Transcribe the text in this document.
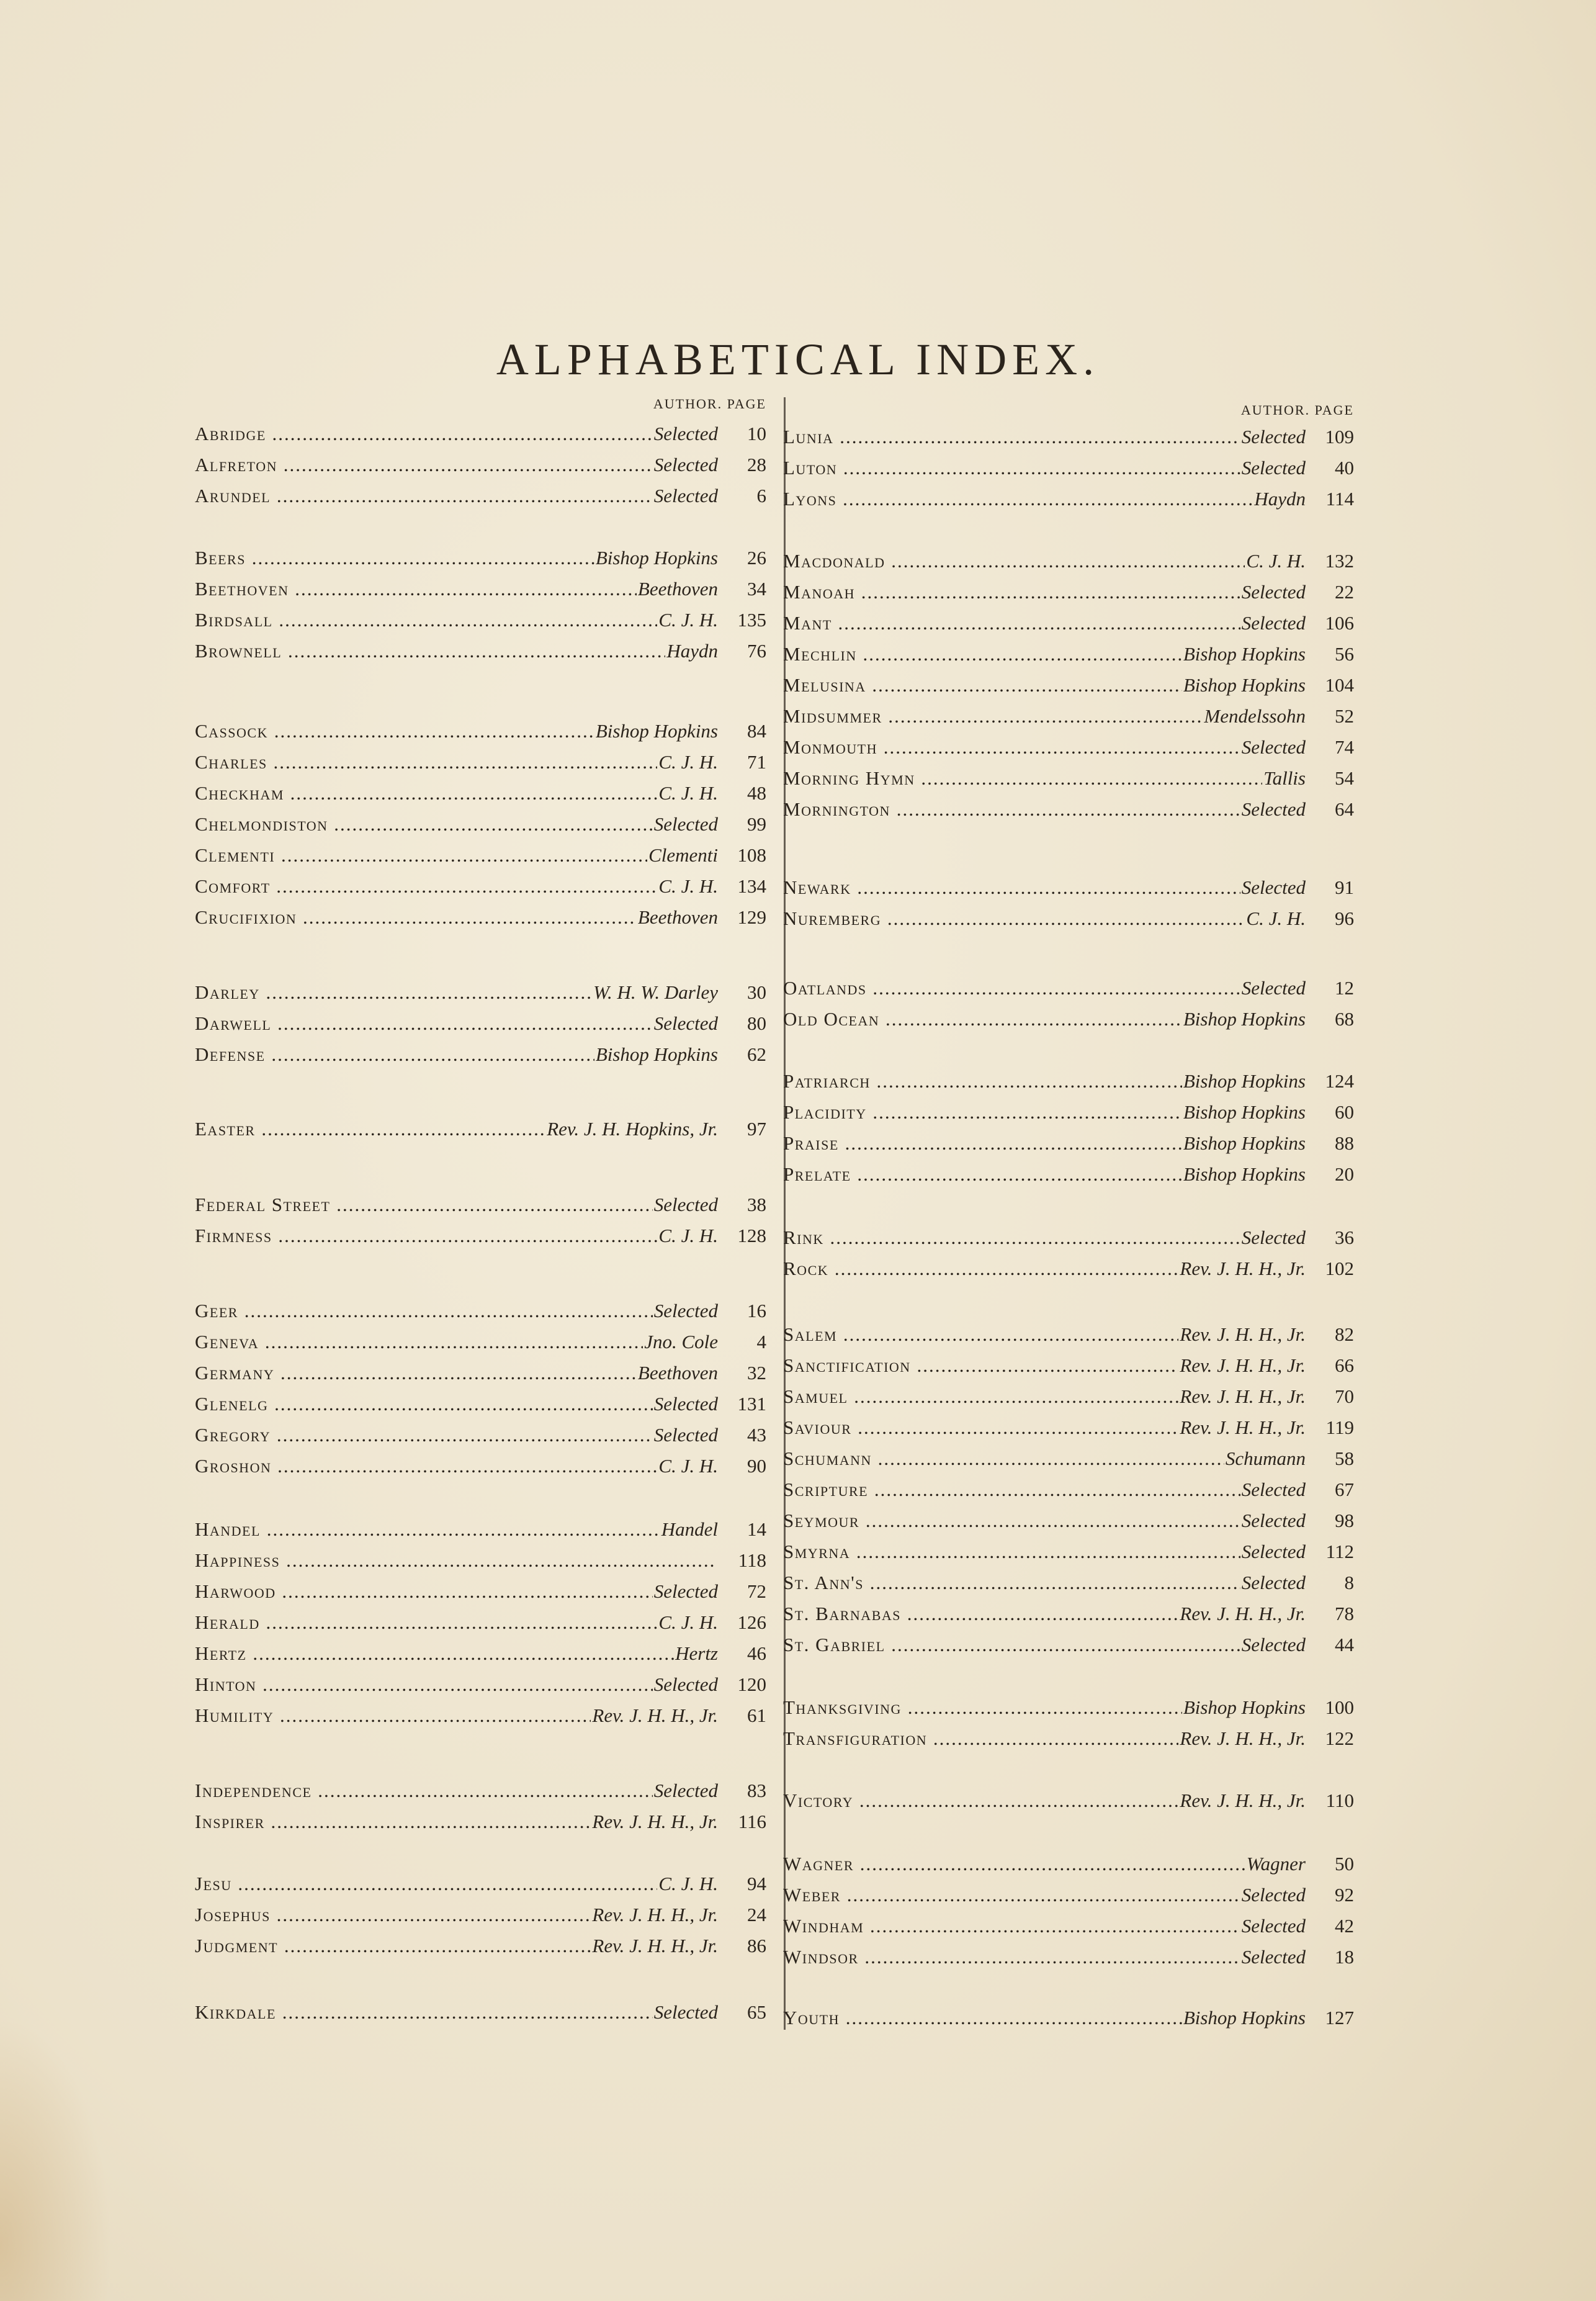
ALPHABETICAL INDEX.
AUTHOR. PAGE
Abridge .....	Selected	10
Alfreton .....	Selected	28
Arundel .....	Selected	6
Beers .....	Bishop Hopkins	26
Beethoven .....	Beethoven	34
Birdsall .....	C. J. H.	135
Brownell .....	Haydn	76
Cassock .....	Bishop Hopkins	84
Charles .....	C. J. H.	71
Checkham .....	C. J. H.	48
Chelmondiston .....	Selected	99
Clementi .....	Clementi	108
Comfort .....	C. J. H.	134
Crucifixion .....	Beethoven	129
Darley .....	W. H. W. Darley	30
Darwell .....	Selected	80
Defense .....	Bishop Hopkins	62
Easter .....	Rev. J. H. Hopkins, Jr.	97
Federal Street .....	Selected	38
Firmness .....	C. J. H.	128
Geer .....	Selected	16
Geneva .....	Jno. Cole	4
Germany .....	Beethoven	32
Glenelg .....	Selected	131
Gregory .....	Selected	43
Groshon .....	C. J. H.	90
Handel .....	Handel	14
Happiness .....	118
Harwood .....	Selected	72
Herald .....	C. J. H.	126
Hertz .....	Hertz	46
Hinton .....	Selected	120
Humility .....	Rev. J. H. H., Jr.	61
Independence .....	Selected	83
Inspirer .....	Rev. J. H. H., Jr.	116
Jesu .....	C. J. H.	94
Josephus .....	Rev. J. H. H., Jr.	24
Judgment .....	Rev. J. H. H., Jr.	86
Kirkdale .....	Selected	65
AUTHOR. PAGE
Lunia .....	Selected	109
Luton .....	Selected	40
Lyons .....	Haydn	114
Macdonald .....	C. J. H.	132
Manoah .....	Selected	22
Mant .....	Selected	106
Mechlin .....	Bishop Hopkins	56
Melusina .....	Bishop Hopkins	104
Midsummer .....	Mendelssohn	52
Monmouth .....	Selected	74
Morning Hymn .....	Tallis	54
Mornington .....	Selected	64
Newark .....	Selected	91
Nuremberg .....	C. J. H.	96
Oatlands .....	Selected	12
Old Ocean .....	Bishop Hopkins	68
Patriarch .....	Bishop Hopkins	124
Placidity .....	Bishop Hopkins	60
Praise .....	Bishop Hopkins	88
Prelate .....	Bishop Hopkins	20
Rink .....	Selected	36
Rock .....	Rev. J. H. H., Jr.	102
Salem .....	Rev. J. H. H., Jr.	82
Sanctification .....	Rev. J. H. H., Jr.	66
Samuel .....	Rev. J. H. H., Jr.	70
Saviour .....	Rev. J. H. H., Jr.	119
Schumann .....	Schumann	58
Scripture .....	Selected	67
Seymour .....	Selected	98
Smyrna .....	Selected	112
St. Ann's .....	Selected	8
St. Barnabas .....	Rev. J. H. H., Jr.	78
St. Gabriel .....	Selected	44
Thanksgiving .....	Bishop Hopkins	100
Transfiguration .....	Rev. J. H. H., Jr.	122
Victory .....	Rev. J. H. H., Jr.	110
Wagner .....	Wagner	50
Weber .....	Selected	92
Windham .....	Selected	42
Windsor .....	Selected	18
Youth .....	Bishop Hopkins	127
